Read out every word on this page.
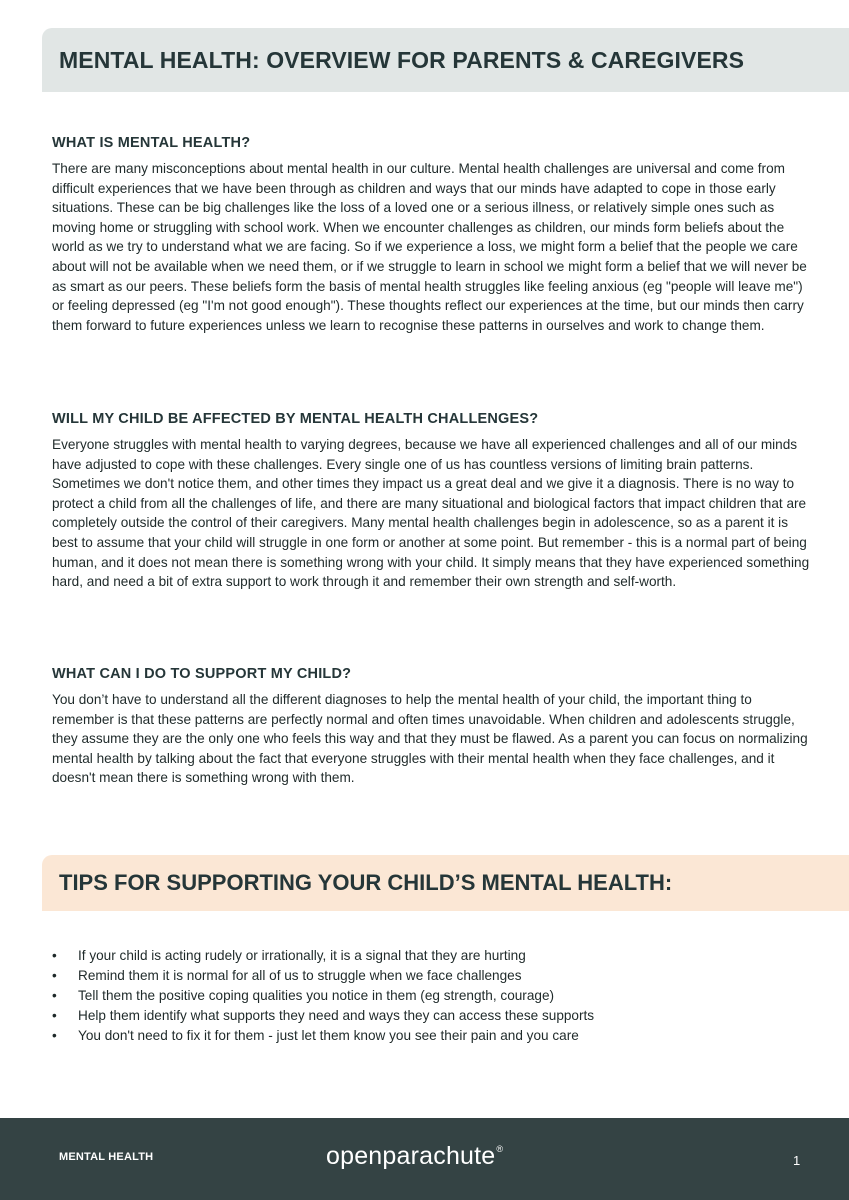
MENTAL HEALTH: OVERVIEW FOR PARENTS & CAREGIVERS
WHAT IS MENTAL HEALTH?

There are many misconceptions about mental health in our culture. Mental health challenges are universal and come from difficult experiences that we have been through as children and ways that our minds have adapted to cope in those early situations. These can be big challenges like the loss of a loved one or a serious illness, or relatively simple ones such as moving home or struggling with school work. When we encounter challenges as children, our minds form beliefs about the world as we try to understand what we are facing. So if we experience a loss, we might form a belief that the people we care about will not be available when we need them, or if we struggle to learn in school we might form a belief that we will never be as smart as our peers. These beliefs form the basis of mental health struggles like feeling anxious (eg "people will leave me") or feeling depressed (eg "I'm not good enough"). These thoughts reflect our experiences at the time, but our minds then carry them forward to future experiences unless we learn to recognise these patterns in ourselves and work to change them.

WILL MY CHILD BE AFFECTED BY MENTAL HEALTH CHALLENGES?

Everyone struggles with mental health to varying degrees, because we have all experienced challenges and all of our minds have adjusted to cope with these challenges. Every single one of us has countless versions of limiting brain patterns. Sometimes we don't notice them, and other times they impact us a great deal and we give it a diagnosis. There is no way to protect a child from all the challenges of life, and there are many situational and biological factors that impact children that are completely outside the control of their caregivers. Many mental health challenges begin in adolescence, so as a parent it is best to assume that your child will struggle in one form or another at some point. But remember - this is a normal part of being human, and it does not mean there is something wrong with your child. It simply means that they have experienced something hard, and need a bit of extra support to work through it and remember their own strength and self-worth.

WHAT CAN I DO TO SUPPORT MY CHILD?

You don’t have to understand all the different diagnoses to help the mental health of your child, the important thing to remember is that these patterns are perfectly normal and often times unavoidable. When children and adolescents struggle, they assume they are the only one who feels this way and that they must be flawed. As a parent you can focus on normalizing mental health by talking about the fact that everyone struggles with their mental health when they face challenges, and it doesn't mean there is something wrong with them.

TIPS FOR SUPPORTING YOUR CHILD’S MENTAL HEALTH:
•	If your child is acting rudely or irrationally, it is a signal that they are hurting
•	Remind them it is normal for all of us to struggle when we face challenges
•	Tell them the positive coping qualities you notice in them (eg strength, courage)
•	Help them identify what supports they need and ways they can access these supports
•	You don't need to fix it for them - just let them know you see their pain and you care
MENTAL HEALTH	openparachute ®
1
